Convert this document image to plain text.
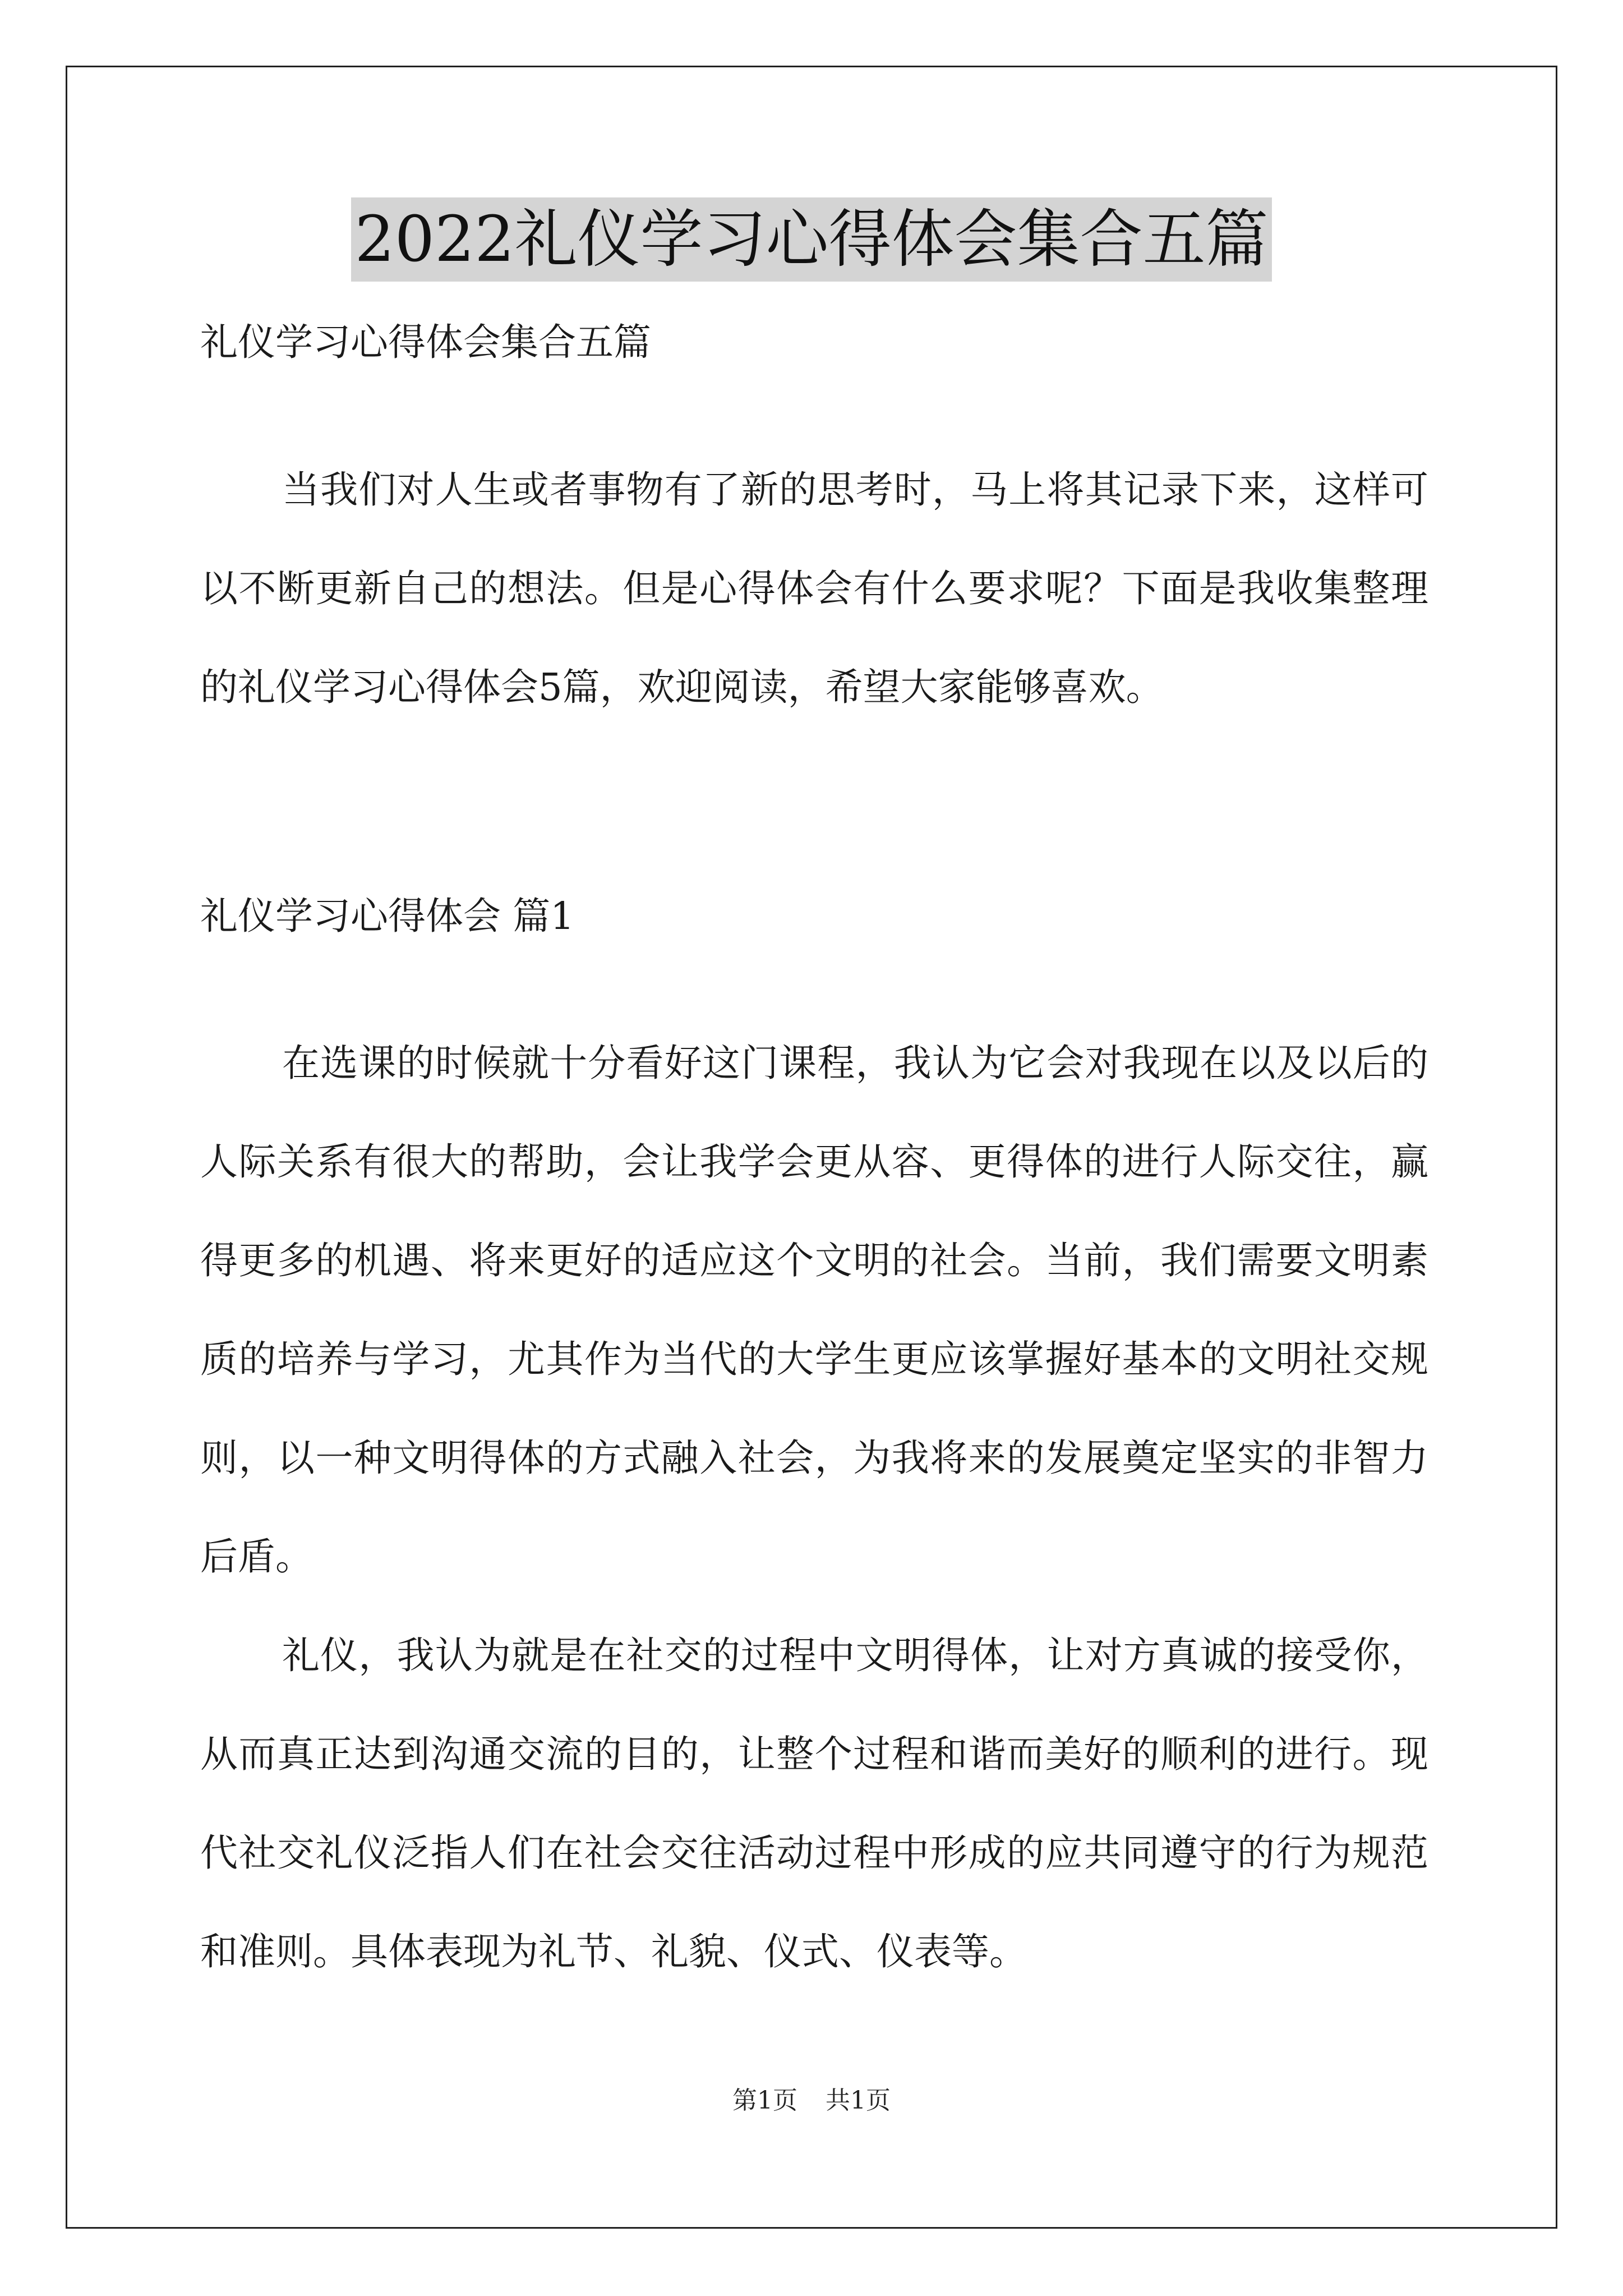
2022礼仪学习心得体会集合五篇
礼仪学习心得体会集合五篇

当我们对人生或者事物有了新的思考时，马上将其记录下来，这样可以不断更新自己的想法。但是心得体会有什么要求呢？下面是我收集整理的礼仪学习心得体会5篇，欢迎阅读，希望大家能够喜欢。

礼仪学习心得体会 篇1

在选课的时候就十分看好这门课程，我认为它会对我现在以及以后的人际关系有很大的帮助，会让我学会更从容、更得体的进行人际交往，赢得更多的机遇、将来更好的适应这个文明的社会。当前，我们需要文明素质的培养与学习，尤其作为当代的大学生更应该掌握好基本的文明社交规则，以一种文明得体的方式融入社会，为我将来的发展奠定坚实的非智力后盾。

礼仪，我认为就是在社交的过程中文明得体，让对方真诚的接受你，从而真正达到沟通交流的目的，让整个过程和谐而美好的顺利的进行。现代社交礼仪泛指人们在社会交往活动过程中形成的应共同遵守的行为规范和准则。具体表现为礼节、礼貌、仪式、仪表等。

第1页 共1页
